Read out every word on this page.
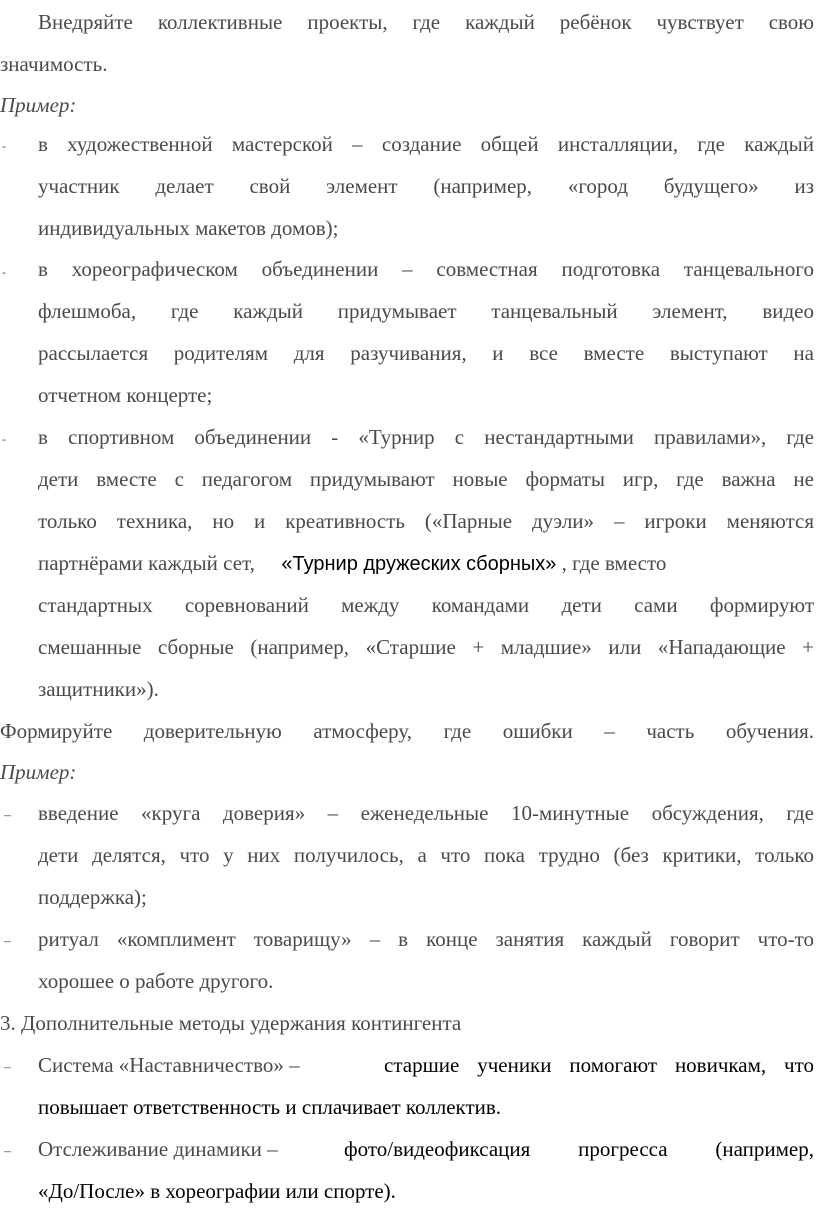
Внедряйте коллективные проекты, где каждый ребёнок чувствует свою
значимость.
Пример:
- в художественной мастерской – создание общей инсталляции, где каждый
участник делает свой элемент (например, «город будущего» из
индивидуальных макетов домов);
- в хореографическом объединении – совместная подготовка танцевального
флешмоба, где каждый придумывает танцевальный элемент, видео
рассылается родителям для разучивания, и все вместе выступают на
отчетном концерте;
- в спортивном объединении - «Турнир с нестандартными правилами», где
дети вместе с педагогом придумывают новые форматы игр, где важна не
только техника, но и креативность («Парные дуэли» – игроки меняются
партнёрами каждый сет, «Турнир дружеских сборных» , где вместо
стандартных соревнований между командами дети сами формируют
смешанные сборные (например, «Старшие + младшие» или «Нападающие +
защитники»).
Формируйте доверительную атмосферу, где ошибки – часть обучения.
Пример:
– введение «круга доверия» – еженедельные 10-минутные обсуждения, где
дети делятся, что у них получилось, а что пока трудно (без критики, только
поддержка);
– ритуал «комплимент товарищу» – в конце занятия каждый говорит что-то
хорошее о работе другого.
3. Дополнительные методы удержания контингента
– Система «Наставничество» –	старшие ученики помогают новичкам, что
повышает ответственность и сплачивает коллектив.
– Отслеживание динамики –	фото/видеофиксация прогресса (например,
«До/После» в хореографии или спорте).
